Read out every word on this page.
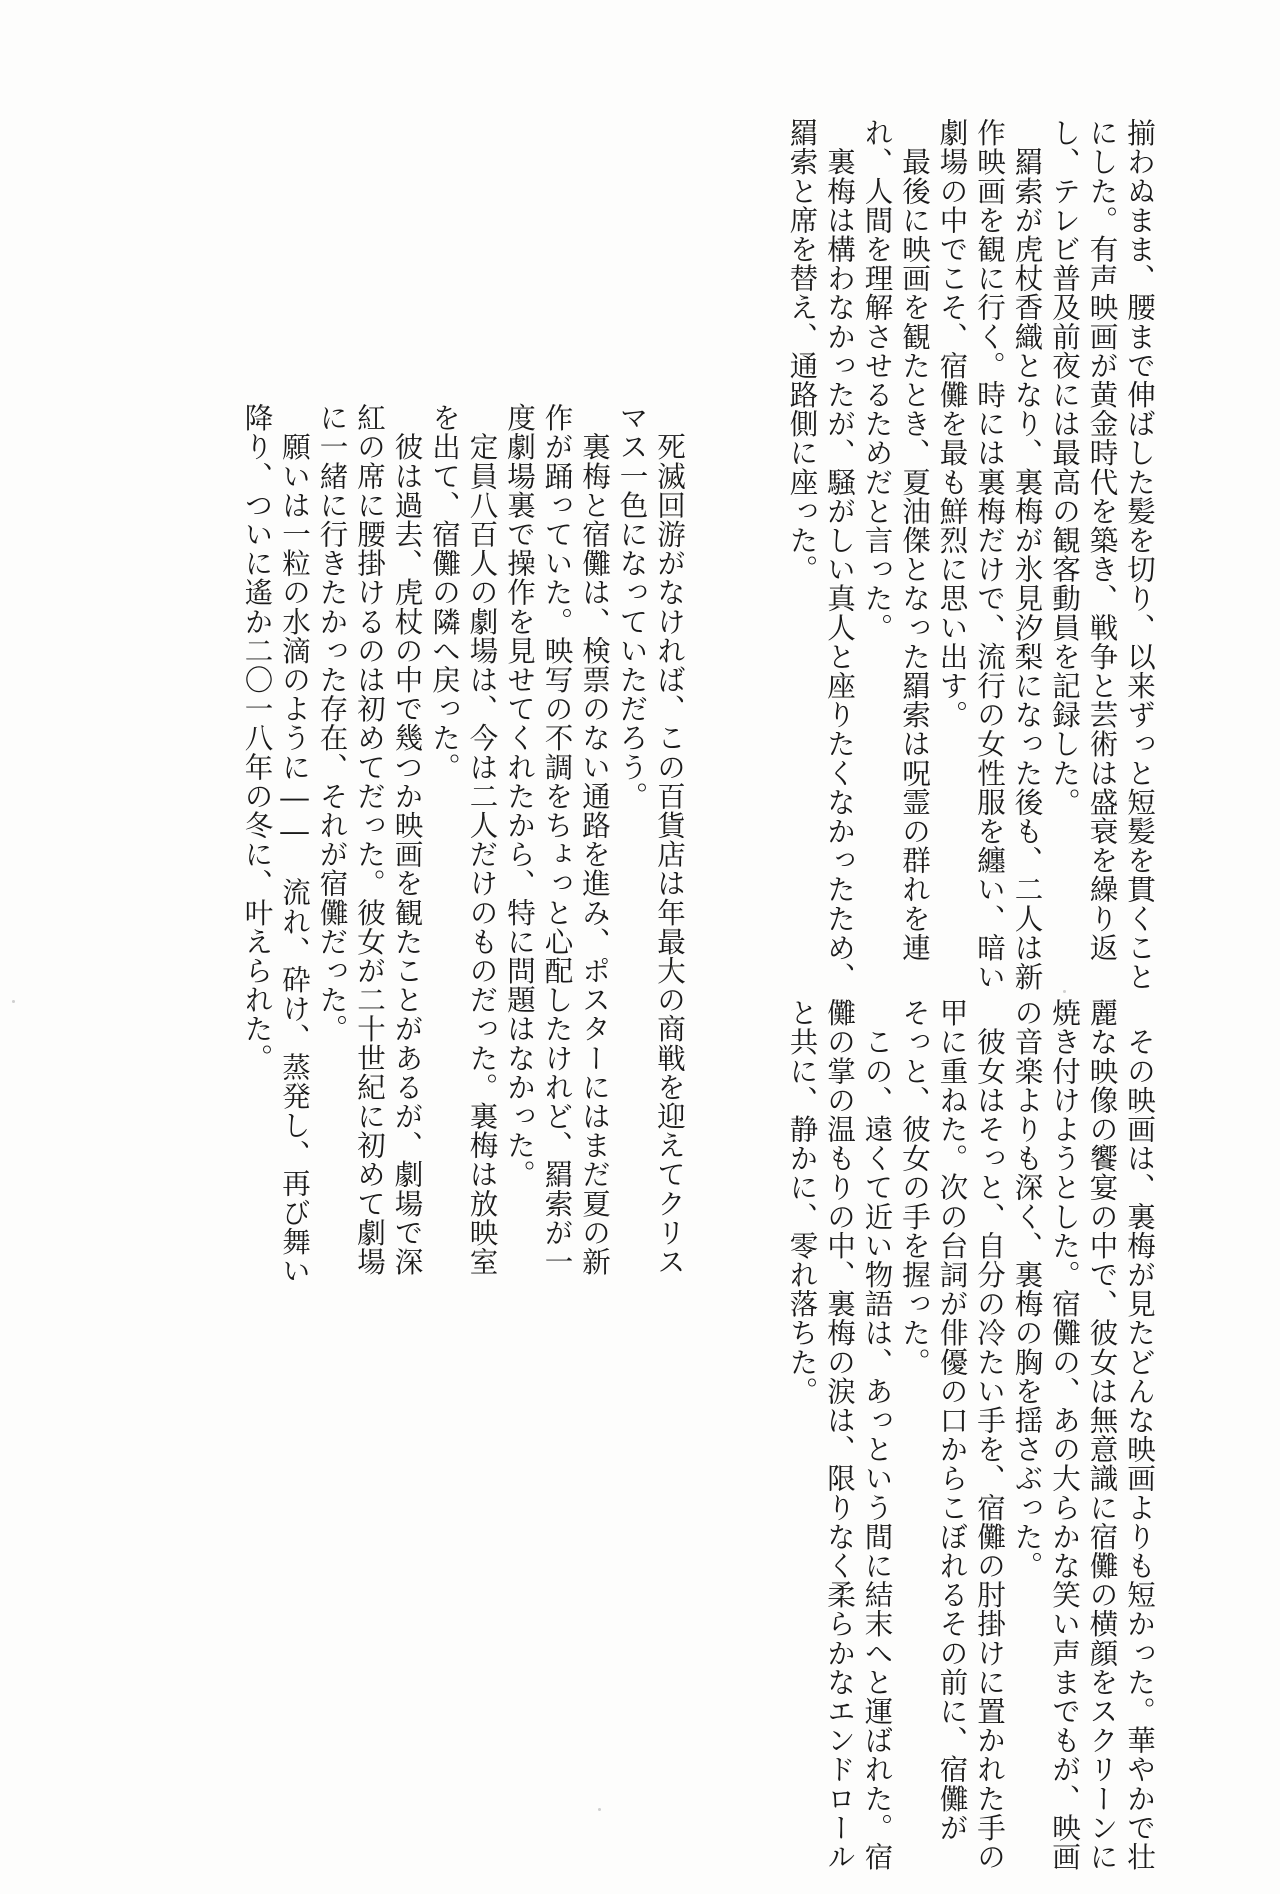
揃わぬまま、腰まで伸ばした髪を切り、以来ずっと短髪を貫くこと
にした。有声映画が黄金時代を築き、戦争と芸術は盛衰を繰り返
し、テレビ普及前夜には最高の観客動員を記録した。
　羂索が虎杖香織となり、裏梅が氷見汐梨になった後も、二人は新
作映画を観に行く。時には裏梅だけで、流行の女性服を纏い、暗い
劇場の中でこそ、宿儺を最も鮮烈に思い出す。
　最後に映画を観たとき、夏油傑となった羂索は呪霊の群れを連
れ、人間を理解させるためだと言った。
　裏梅は構わなかったが、騒がしい真人と座りたくなかったため、
羂索と席を替え、通路側に座った。
　死滅回游がなければ、この百貨店は年最大の商戦を迎えてクリス
マス一色になっていただろう。
　裏梅と宿儺は、検票のない通路を進み、ポスターにはまだ夏の新
作が踊っていた。映写の不調をちょっと心配したけれど、羂索が一
度劇場裏で操作を見せてくれたから、特に問題はなかった。
　定員八百人の劇場は、今は二人だけのものだった。裏梅は放映室
を出て、宿儺の隣へ戻った。
　彼は過去、虎杖の中で幾つか映画を観たことがあるが、劇場で深
紅の席に腰掛けるのは初めてだった。彼女が二十世紀に初めて劇場
に一緒に行きたかった存在、それが宿儺だった。
　願いは一粒の水滴のように――　流れ、砕け、蒸発し、再び舞い
降り、ついに遙か二〇一八年の冬に、叶えられた。
　その映画は、裏梅が見たどんな映画よりも短かった。華やかで壮
麗な映像の饗宴の中で、彼女は無意識に宿儺の横顔をスクリーンに
焼き付けようとした。宿儺の、あの大らかな笑い声までもが、映画
の音楽よりも深く、裏梅の胸を揺さぶった。
　彼女はそっと、自分の冷たい手を、宿儺の肘掛けに置かれた手の
甲に重ねた。次の台詞が俳優の口からこぼれるその前に、宿儺が
そっと、彼女の手を握った。
　この、遠くて近い物語は、あっという間に結末へと運ばれた。宿
儺の掌の温もりの中、裏梅の涙は、限りなく柔らかなエンドロール
と共に、静かに、零れ落ちた。
